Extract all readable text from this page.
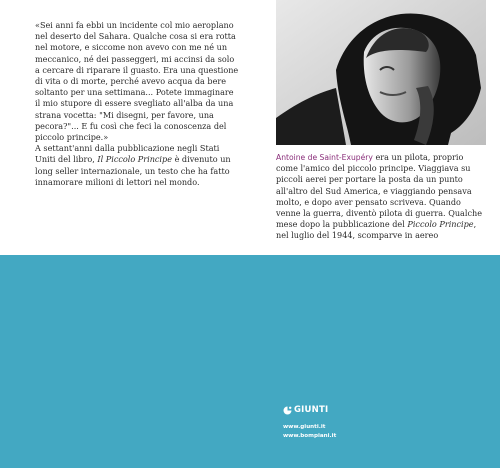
«Sei anni fa ebbi un incidente col mio aeroplano nel deserto del Sahara. Qualche cosa si era rotta nel motore, e siccome non avevo con me né un meccanico, né dei passeggeri, mi accinsi da solo a cercare di riparare il guasto. Era una questione di vita o di morte, perché avevo acqua da bere soltanto per una settimana... Potete immaginare il mio stupore di essere svegliato all'alba da una strana vocetta: "Mi disegni, per favore, una pecora?"... E fu così che feci la conoscenza del piccolo principe.»

A settant'anni dalla pubblicazione negli Stati Uniti del libro, Il Piccolo Principe è divenuto un long seller internazionale, un testo che ha fatto innamorare milioni di lettori nel mondo.

Antoine de Saint-Exupéry era un pilota, proprio come l'amico del piccolo principe. Viaggiava su piccoli aerei per portare la posta da un punto all'altro del Sud America, e viaggiando pensava molto, e dopo aver pensato scriveva. Quando venne la guerra, diventò pilota di guerra. Qualche mese dopo la pubblicazione del Piccolo Principe, nel luglio del 1944, scomparve in aereo
GIUNTI
www.giunti.it
www.bompiani.it
